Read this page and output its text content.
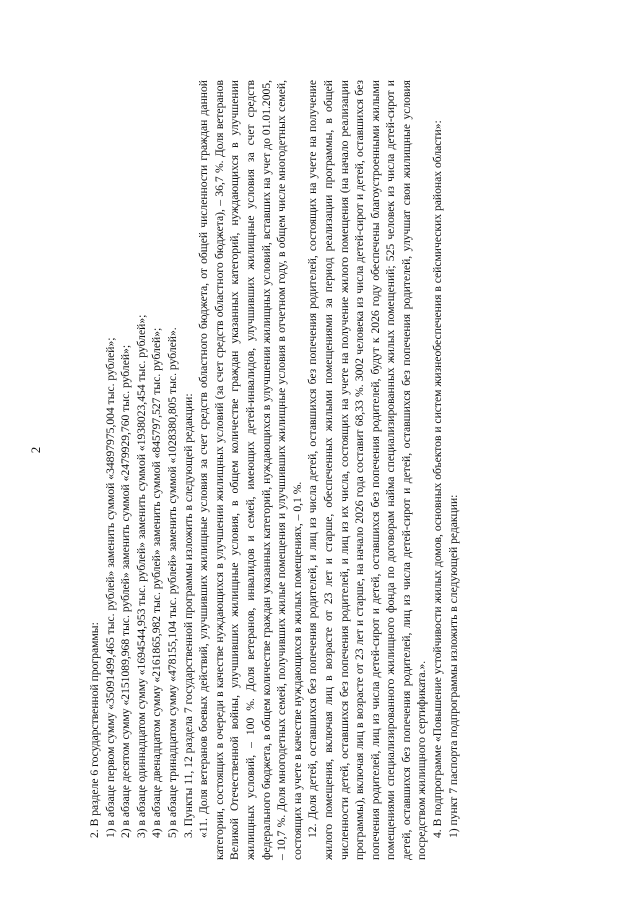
2

2. В разделе 6 государственной программы: 1) в абзаце первом сумму «35091499,465 тыс. рублей» заменить суммой «34897975,004 тыс. рублей»; 2) в абзаце десятом сумму «2151089,968 тыс. рублей» заменить суммой «2479929,760 тыс. рублей»; 3) в абзаце одиннадцатом сумму «1694544,953 тыс. рублей» заменить суммой «1938023,454 тыс. рублей»; 4) в абзаце двенадцатом сумму «2161865,982 тыс. рублей» заменить суммой «845797,527 тыс. рублей»; 5) в абзаце тринадцатом сумму «478155,104 тыс. рублей» заменить суммой «1028380,805 тыс. рублей». 3. Пункты 11, 12 раздела 7 государственной программы изложить в следующей редакции: «11. Доля ветеранов боевых действий, улучшивших жилищные условия за счет средств областного бюджета, от общей численности граждан данной категории, состоящих в очереди в качестве нуждающихся в улучшении жилищных условий (за счет средств областного бюджета), – 36,7 %. Доля ветеранов Великой Отечественной войны, улучшивших жилищные условия, в общем количестве граждан указанных категорий, нуждающихся в улучшении жилищных условий, – 100 %. Доля ветеранов, инвалидов и семей, имеющих детей-инвалидов, улучшивших жилищные условия за счет средств федерального бюджета, в общем количестве граждан указанных категорий, нуждающихся в улучшении жилищных условий, вставших на учет до 01.01.2005, – 10,7 %. Доля многодетных семей, получивших жилые помещения и улучшивших жилищные условия в отчетном году, в общем числе многодетных семей, состоящих на учете в качестве нуждающихся в жилых помещениях, – 0,1 %. 12. Доля детей, оставшихся без попечения родителей, и лиц из числа детей, оставшихся без попечения родителей, состоящих на учете на получение жилого помещения, включая лиц в возрасте от 23 лет и старше, обеспеченных жилыми помещениями за период реализации программы, в общей численности детей, оставшихся без попечения родителей, и лиц из их числа, состоящих на учете на получение жилого помещения (на начало реализации программы), включая лиц в возрасте от 23 лет и старше, на начало 2026 года составит 68,33 %. 3002 человека из числа детей-сирот и детей, оставшихся без попечения родителей, лиц из числа детей-сирот и детей, оставшихся без попечения родителей, будут к 2026 году обеспечены благоустроенными жилыми помещениями специализированного жилищного фонда по договорам найма специализированных жилых помещений; 525 человек из числа детей-сирот и детей, оставшихся без попечения родителей, лиц из числа детей-сирот и детей, оставшихся без попечения родителей, улучшат свои жилищные условия посредством жилищного сертификата.». 4. В подпрограмме «Повышение устойчивости жилых домов, основных объектов и систем жизнеобеспечения в сейсмических районах области»: 1) пункт 7 паспорта подпрограммы изложить в следующей редакции:
